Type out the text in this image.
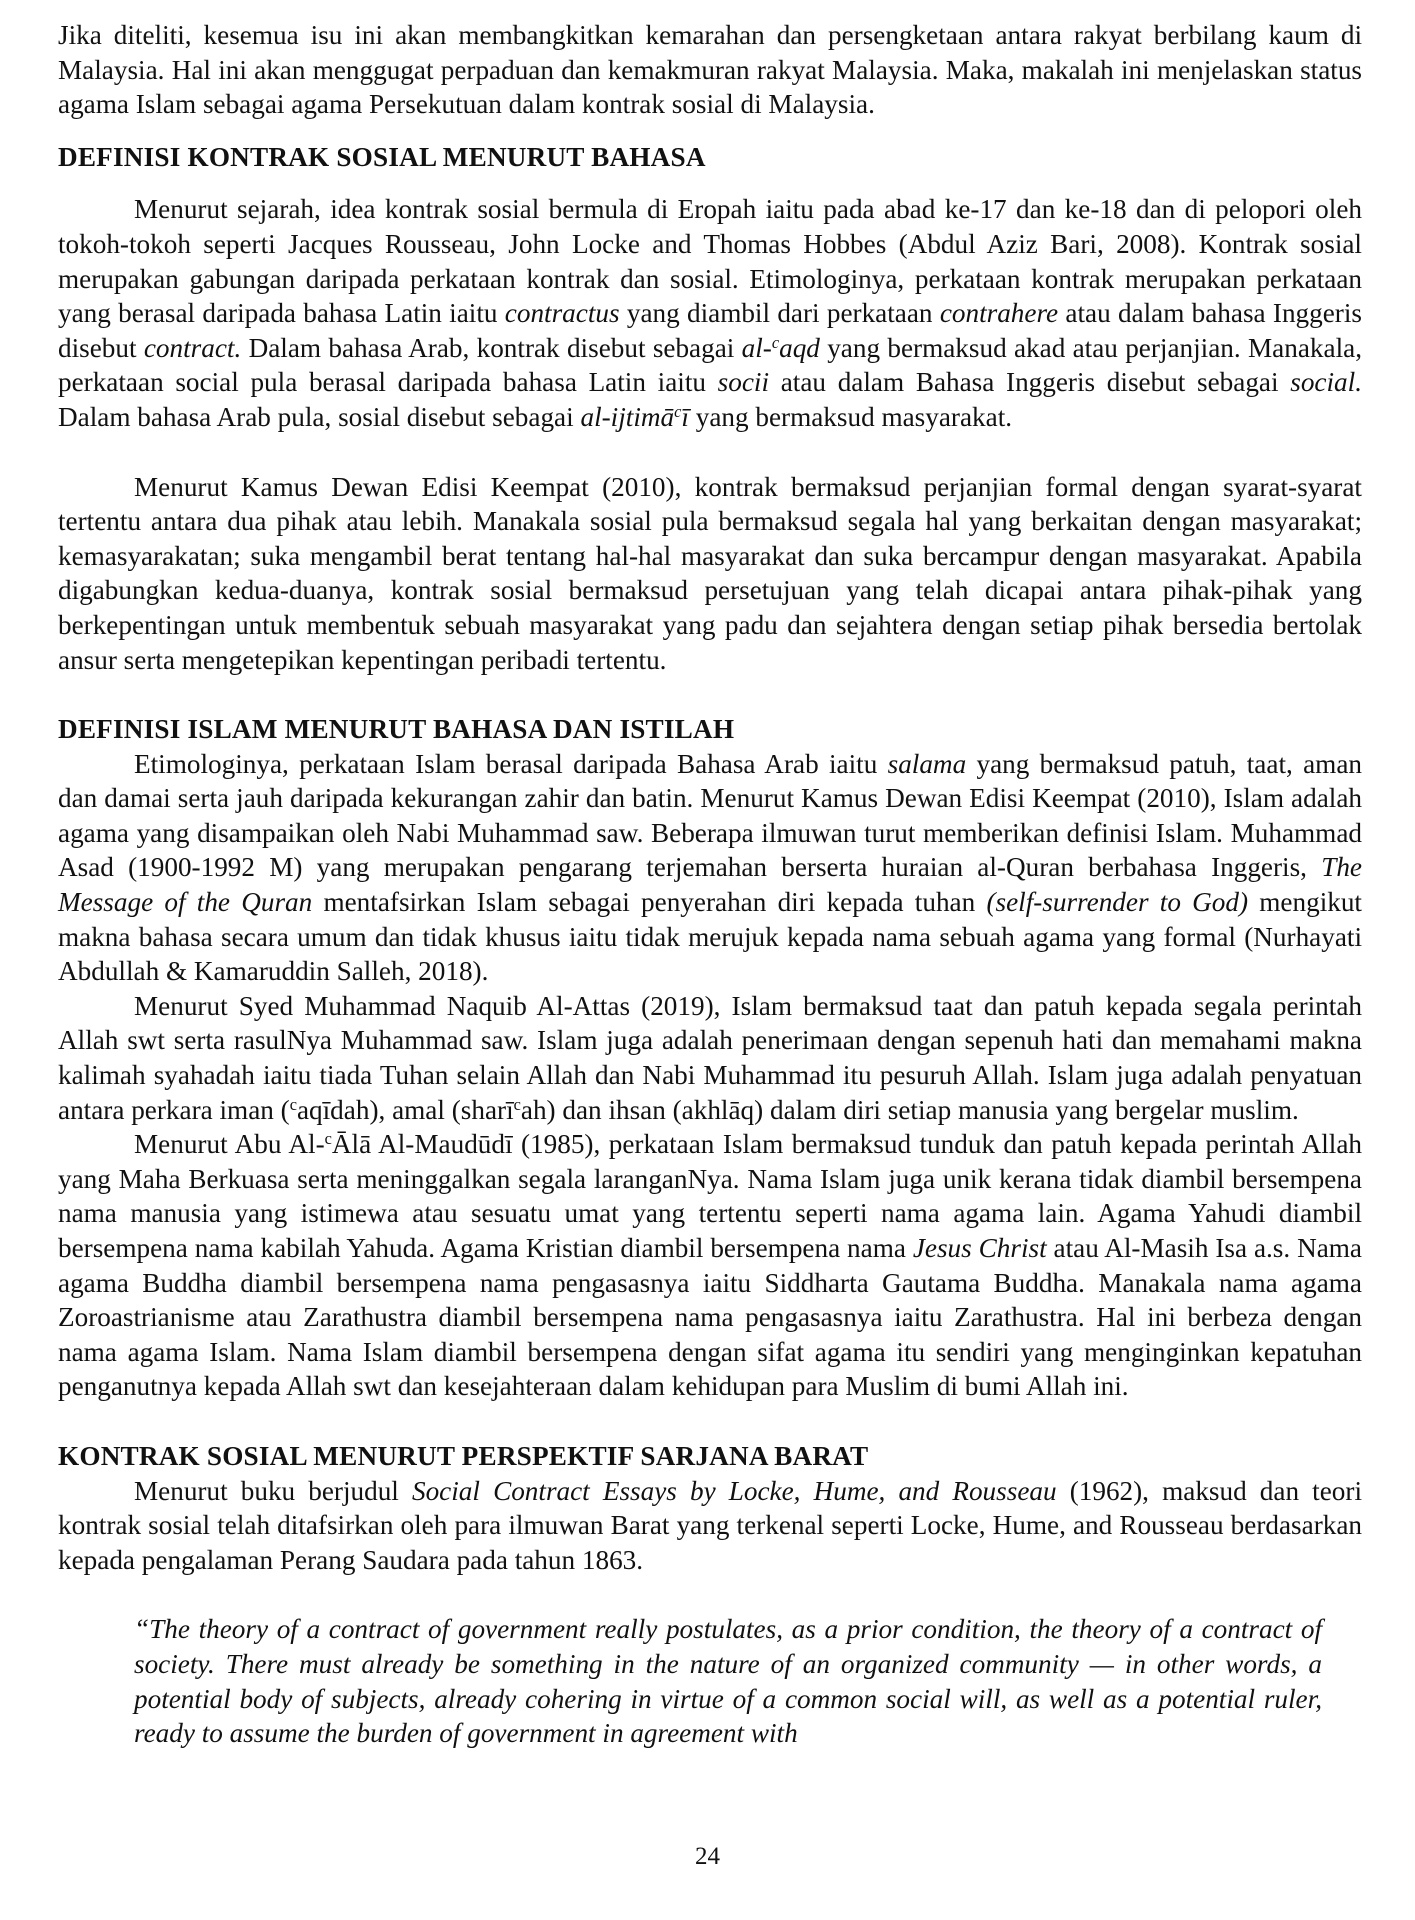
Jika diteliti, kesemua isu ini akan membangkitkan kemarahan dan persengketaan antara rakyat berbilang kaum di Malaysia. Hal ini akan menggugat perpaduan dan kemakmuran rakyat Malaysia. Maka, makalah ini menjelaskan status agama Islam sebagai agama Persekutuan dalam kontrak sosial di Malaysia.

DEFINISI KONTRAK SOSIAL MENURUT BAHASA

Menurut sejarah, idea kontrak sosial bermula di Eropah iaitu pada abad ke-17 dan ke-18 dan di pelopori oleh tokoh-tokoh seperti Jacques Rousseau, John Locke and Thomas Hobbes (Abdul Aziz Bari, 2008). Kontrak sosial merupakan gabungan daripada perkataan kontrak dan sosial. Etimologinya, perkataan kontrak merupakan perkataan yang berasal daripada bahasa Latin iaitu contractus yang diambil dari perkataan contrahere atau dalam bahasa Inggeris disebut contract. Dalam bahasa Arab, kontrak disebut sebagai al-$^c$aqd yang bermaksud akad atau perjanjian. Manakala, perkataan social pula berasal daripada bahasa Latin iaitu socii atau dalam Bahasa Inggeris disebut sebagai social. Dalam bahasa Arab pula, sosial disebut sebagai al-ijtimā$^c$ī yang bermaksud masyarakat.

Menurut Kamus Dewan Edisi Keempat (2010), kontrak bermaksud perjanjian formal dengan syarat-syarat tertentu antara dua pihak atau lebih. Manakala sosial pula bermaksud segala hal yang berkaitan dengan masyarakat; kemasyarakatan; suka mengambil berat tentang hal-hal masyarakat dan suka bercampur dengan masyarakat. Apabila digabungkan kedua-duanya, kontrak sosial bermaksud persetujuan yang telah dicapai antara pihak-pihak yang berkepentingan untuk membentuk sebuah masyarakat yang padu dan sejahtera dengan setiap pihak bersedia bertolak ansur serta mengetepikan kepentingan peribadi tertentu.

DEFINISI ISLAM MENURUT BAHASA DAN ISTILAH

Etimologinya, perkataan Islam berasal daripada Bahasa Arab iaitu salama yang bermaksud patuh, taat, aman dan damai serta jauh daripada kekurangan zahir dan batin. Menurut Kamus Dewan Edisi Keempat (2010), Islam adalah agama yang disampaikan oleh Nabi Muhammad saw. Beberapa ilmuwan turut memberikan definisi Islam. Muhammad Asad (1900-1992 M) yang merupakan pengarang terjemahan berserta huraian al-Quran berbahasa Inggeris, The Message of the Quran mentafsirkan Islam sebagai penyerahan diri kepada tuhan (self-surrender to God) mengikut makna bahasa secara umum dan tidak khusus iaitu tidak merujuk kepada nama sebuah agama yang formal (Nurhayati Abdullah & Kamaruddin Salleh, 2018).

Menurut Syed Muhammad Naquib Al-Attas (2019), Islam bermaksud taat dan patuh kepada segala perintah Allah swt serta rasulNya Muhammad saw. Islam juga adalah penerimaan dengan sepenuh hati dan memahami makna kalimah syahadah iaitu tiada Tuhan selain Allah dan Nabi Muhammad itu pesuruh Allah. Islam juga adalah penyatuan antara perkara iman ($^c$aqīdah), amal (sharī$^c$ah) dan ihsan (akhlāq) dalam diri setiap manusia yang bergelar muslim.

Menurut Abu Al-$^c$Ālā Al-Maudūdī (1985), perkataan Islam bermaksud tunduk dan patuh kepada perintah Allah yang Maha Berkuasa serta meninggalkan segala laranganNya. Nama Islam juga unik kerana tidak diambil bersempena nama manusia yang istimewa atau sesuatu umat yang tertentu seperti nama agama lain. Agama Yahudi diambil bersempena nama kabilah Yahuda. Agama Kristian diambil bersempena nama Jesus Christ atau Al-Masih Isa a.s. Nama agama Buddha diambil bersempena nama pengasasnya iaitu Siddharta Gautama Buddha. Manakala nama agama Zoroastrianisme atau Zarathustra diambil bersempena nama pengasasnya iaitu Zarathustra. Hal ini berbeza dengan nama agama Islam. Nama Islam diambil bersempena dengan sifat agama itu sendiri yang menginginkan kepatuhan penganutnya kepada Allah swt dan kesejahteraan dalam kehidupan para Muslim di bumi Allah ini.

KONTRAK SOSIAL MENURUT PERSPEKTIF SARJANA BARAT

Menurut buku berjudul Social Contract Essays by Locke, Hume, and Rousseau (1962), maksud dan teori kontrak sosial telah ditafsirkan oleh para ilmuwan Barat yang terkenal seperti Locke, Hume, and Rousseau berdasarkan kepada pengalaman Perang Saudara pada tahun 1863.

“The theory of a contract of government really postulates, as a prior condition, the theory of a contract of society. There must already be something in the nature of an organized community — in other words, a potential body of subjects, already cohering in virtue of a common social will, as well as a potential ruler, ready to assume the burden of government in agreement with

24
